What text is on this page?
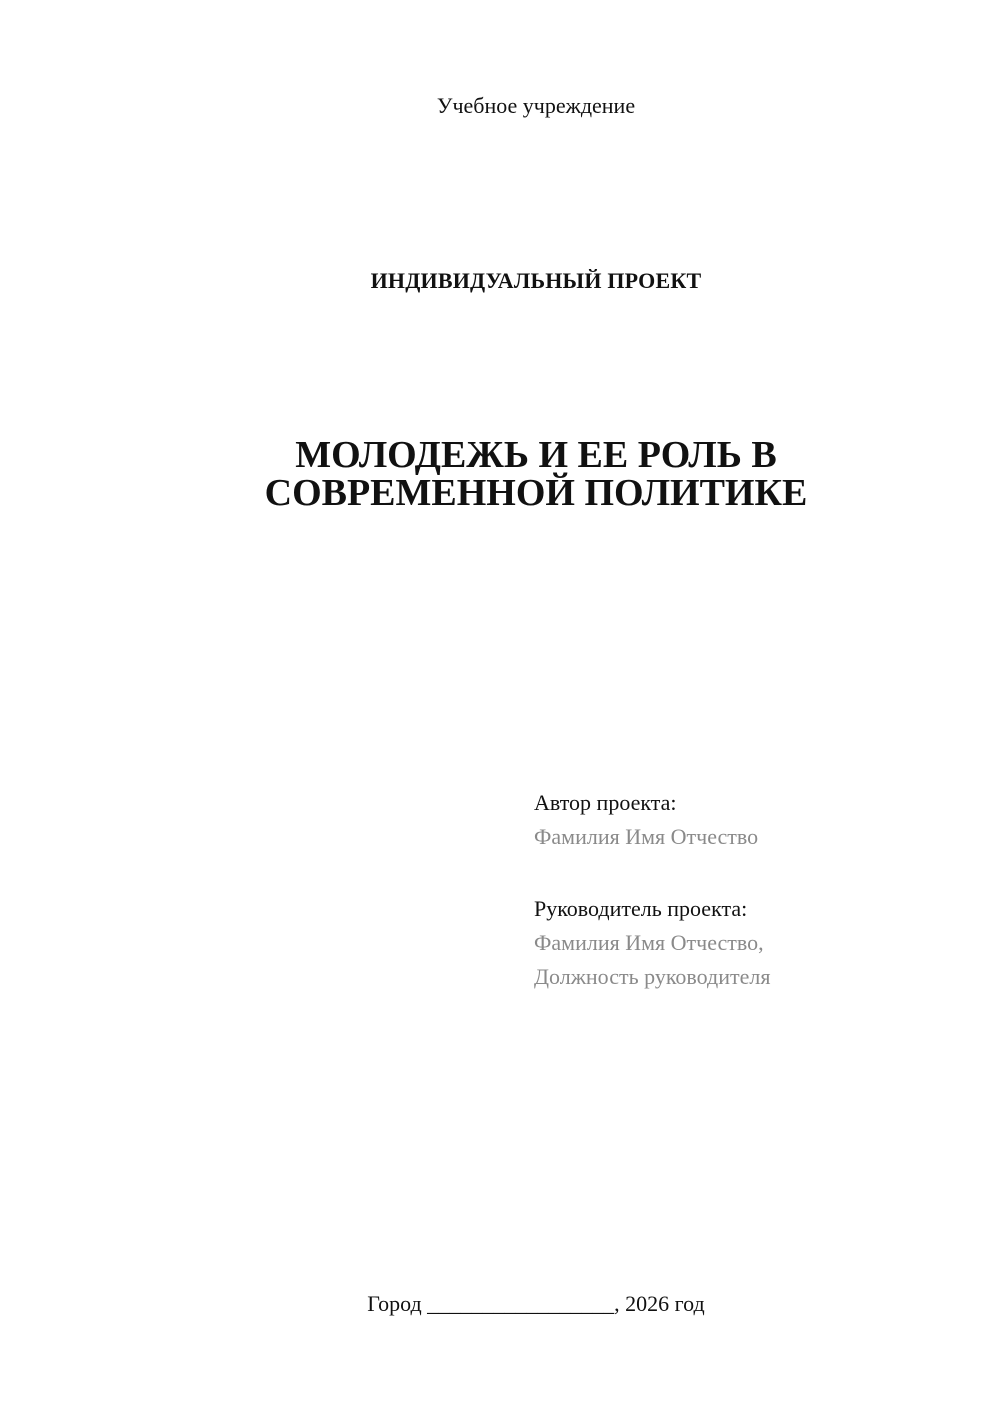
Учебное учреждение
ИНДИВИДУАЛЬНЫЙ ПРОЕКТ
МОЛОДЕЖЬ И ЕЕ РОЛЬ В
СОВРЕМЕННОЙ ПОЛИТИКЕ
Автор проекта:
Фамилия Имя Отчество
Руководитель проекта:
Фамилия Имя Отчество,
Должность руководителя
Город _________________, 2026 год
